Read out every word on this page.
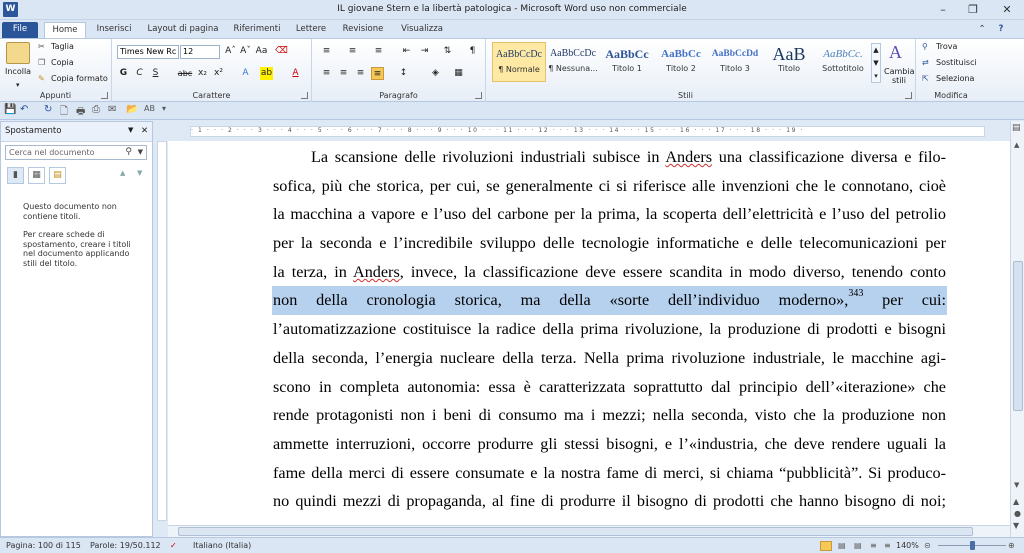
W	IL giovane Stern e la libertà patologica - Microsoft Word uso non commerciale	–	❐	✕
File	Home	Inserisci	Layout di pagina	Riferimenti	Lettere	Revisione	Visualizza	⌃	?
Incolla
▾
✂ Taglia
❐ Copia
✎ Copia formato
Appunti
Times New Rc 12	Aˆ Aˇ Aa ⌫
G	C	S	abc x₂ x²	A	ab	A
Carattere
≡	≡	≡	⇤	⇥	⇅	¶
≡	≡	≡	≡	↕	◈	▦
Paragrafo
AaBbCcDc
¶ Normale
AaBbCcDc
¶ Nessuna...
AaBbCc
Titolo 1
AaBbCc
Titolo 2
AaBbCcDd
Titolo 3
AaB
Titolo
AaBbCc.
Sottotitolo
▲
▼
▾
A
Cambia stili
Stili
⚲ Trova
⇄ Sostituisci
⇱ Seleziona
Modifica
💾 ↶ ↻ 🗋 🖶 ⎙ ✉ 📂 AB ▾
Spostamento	▼ ✕
Cerca nel documento	⚲ ▼
▮	▦	▤	▲ ▼
Questo documento non contiene titoli.
Per creare schede di spostamento, creare i titoli nel documento applicando stili del titolo.
· 1 · · · 2 · · · 3 · · · 4 · · · 5 · · · 6 · · · 7 · · · 8 · · · 9 · · · 10 · · · 11 · · · 12 · · · 13 · · · 14 · · · 15 · · · 16 · · · 17 · · · 18 · · · 19 ·
La scansione delle rivoluzioni industriali subisce in Anders una classificazione diversa e filo-
sofica, più che storica, per cui, se generalmente ci si riferisce alle invenzioni che le connotano, cioè
la macchina a vapore e l’uso del carbone per la prima, la scoperta dell’elettricità e l’uso del petrolio
per la seconda e l’incredibile sviluppo delle tecnologie informatiche e delle telecomunicazioni per
la terza, in Anders, invece, la classificazione deve essere scandita in modo diverso, tenendo conto
non della cronologia storica, ma della «sorte dell’individuo moderno»,$^{343}$ per cui:
l’automatizzazione costituisce la radice della prima rivoluzione, la produzione di prodotti e bisogni
della seconda, l’energia nucleare della terza. Nella prima rivoluzione industriale, le macchine agi-
scono in completa autonomia: essa è caratterizzata soprattutto dal principio dell’«iterazione» che
rende protagonisti non i beni di consumo ma i mezzi; nella seconda, visto che la produzione non
ammette interruzioni, occorre produrre gli stessi bisogni, e l’«industria, che deve rendere uguali la
fame della merci di essere consumate e la nostra fame di merci, si chiama “pubblicità”. Si produco-
no quindi mezzi di propaganda, al fine di produrre il bisogno di prodotti che hanno bisogno di noi;
▤
▲
▼
▲
●
▼
Pagina: 100 di 115 Parole: 19/50.112 ✓ Italiano (Italia)	▤ ▤ ≡ ≡ 140% ⊝	⊕
